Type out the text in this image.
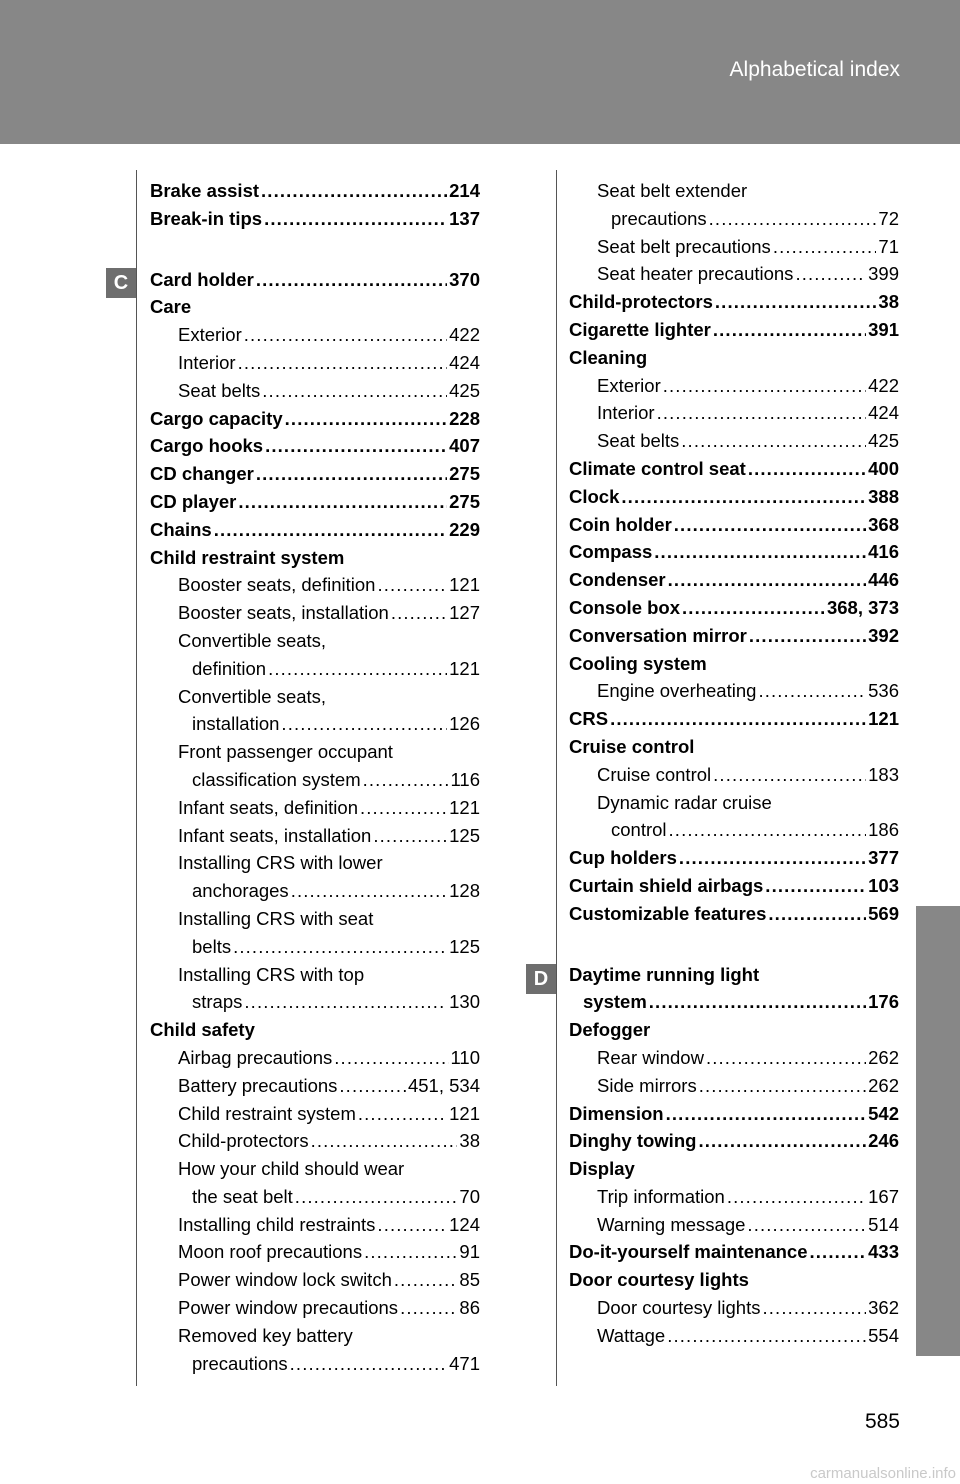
Alphabetical index
C
D
Brake assist . . .	214
Break-in tips . . .	137
Card holder . . .	370
Care
Exterior . . .	422
Interior . . .	424
Seat belts . . .	425
Cargo capacity . . .	228
Cargo hooks . . .	407
CD changer . . .	275
CD player . . .	275
Chains . . .	229
Child restraint system
Booster seats, definition . . .	121
Booster seats, installation . . .	127
Convertible seats,
definition . . .	121
Convertible seats,
installation . . .	126
Front passenger occupant
classification system . . .	116
Infant seats, definition . . .	121
Infant seats, installation . . .	125
Installing CRS with lower
anchorages . . .	128
Installing CRS with seat
belts . . .	125
Installing CRS with top
straps . . .	130
Child safety
Airbag precautions . . .	110
Battery precautions . . .	451, 534
Child restraint system . . .	121
Child-protectors . . .	38
How your child should wear
the seat belt . . .	70
Installing child restraints . . .	124
Moon roof precautions . . .	91
Power window lock switch . . .	85
Power window precautions . . .	86
Removed key battery
precautions . . .	471
Seat belt extender
precautions . . .	72
Seat belt precautions . . .	71
Seat heater precautions . . .	399
Child-protectors . . .	38
Cigarette lighter . . .	391
Cleaning
Exterior . . .	422
Interior . . .	424
Seat belts . . .	425
Climate control seat . . .	400
Clock . . .	388
Coin holder . . .	368
Compass . . .	416
Condenser . . .	446
Console box . . .	368, 373
Conversation mirror . . .	392
Cooling system
Engine overheating . . .	536
CRS . . .	121
Cruise control
Cruise control . . .	183
Dynamic radar cruise
control . . .	186
Cup holders . . .	377
Curtain shield airbags . . .	103
Customizable features . . .	569
Daytime running light
system . . .	176
Defogger
Rear window . . .	262
Side mirrors . . .	262
Dimension . . .	542
Dinghy towing . . .	246
Display
Trip information . . .	167
Warning message . . .	514
Do-it-yourself maintenance . . .	433
Door courtesy lights
Door courtesy lights . . .	362
Wattage . . .	554
585
carmanualsonline.info
